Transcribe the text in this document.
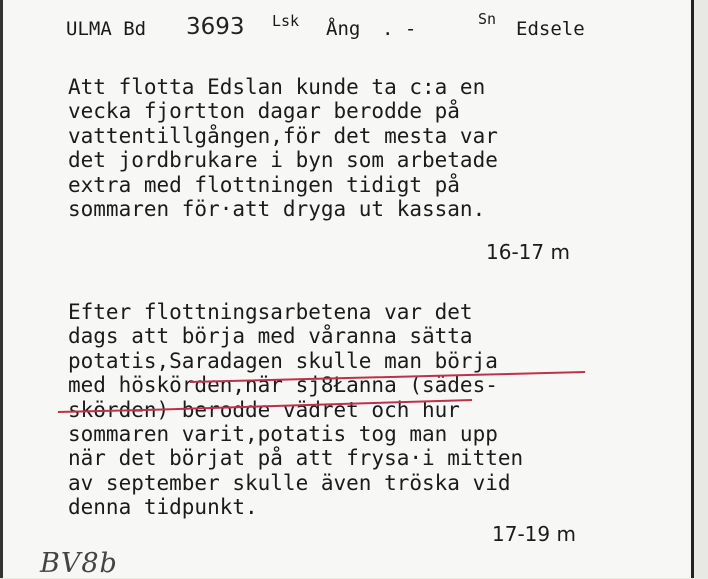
ULMA Bd 3693 Lsk Ång . -	Sn Edsele
Att flotta Edslan kunde ta c:a en
vecka fjortton dagar berodde på
vattentillgången,för det mesta var
det jordbrukare i byn som arbetade
extra med flottningen tidigt på
sommaren för·att dryga ut kassan.
16-17 m
Efter flottningsarbetena var det
dags att börja med våranna sätta
potatis,Saradagen skulle man börja
med höskörden,när sj8Łanna (sädes-
skörden) berodde vädret och hur
sommaren varit,potatis tog man upp
när det börjat på att frysa·i mitten
av september skulle även tröska vid
denna tidpunkt.
17-19 m
BV8b
